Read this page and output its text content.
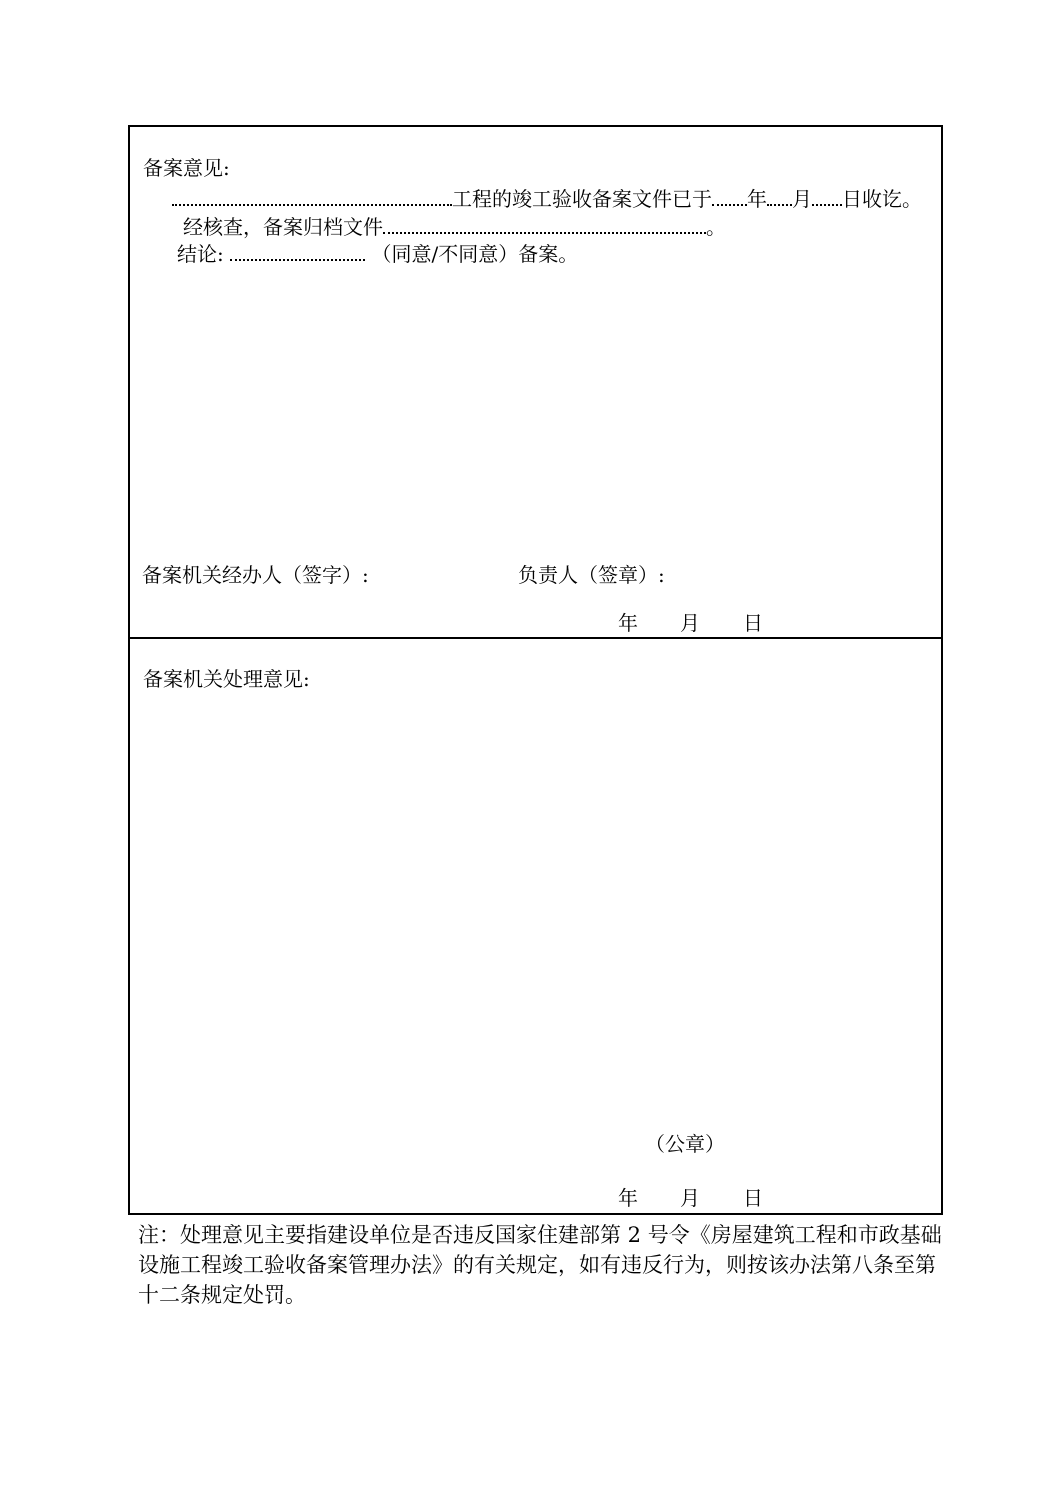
备案意见:
工程的竣工验收备案文件已于 年 月 日收讫。
经核查，备案归档文件	。
结论:	（同意/不同意）备案。
备案机关经办人（签字）:	负责人（签章）:
年 月 日
备案机关处理意见:
（公章）
年 月 日
注：处理意见主要指建设单位是否违反国家住建部第 2 号令《房屋建筑工程和市政基础
设施工程竣工验收备案管理办法》的有关规定，如有违反行为，则按该办法第八条至第
十二条规定处罚。
